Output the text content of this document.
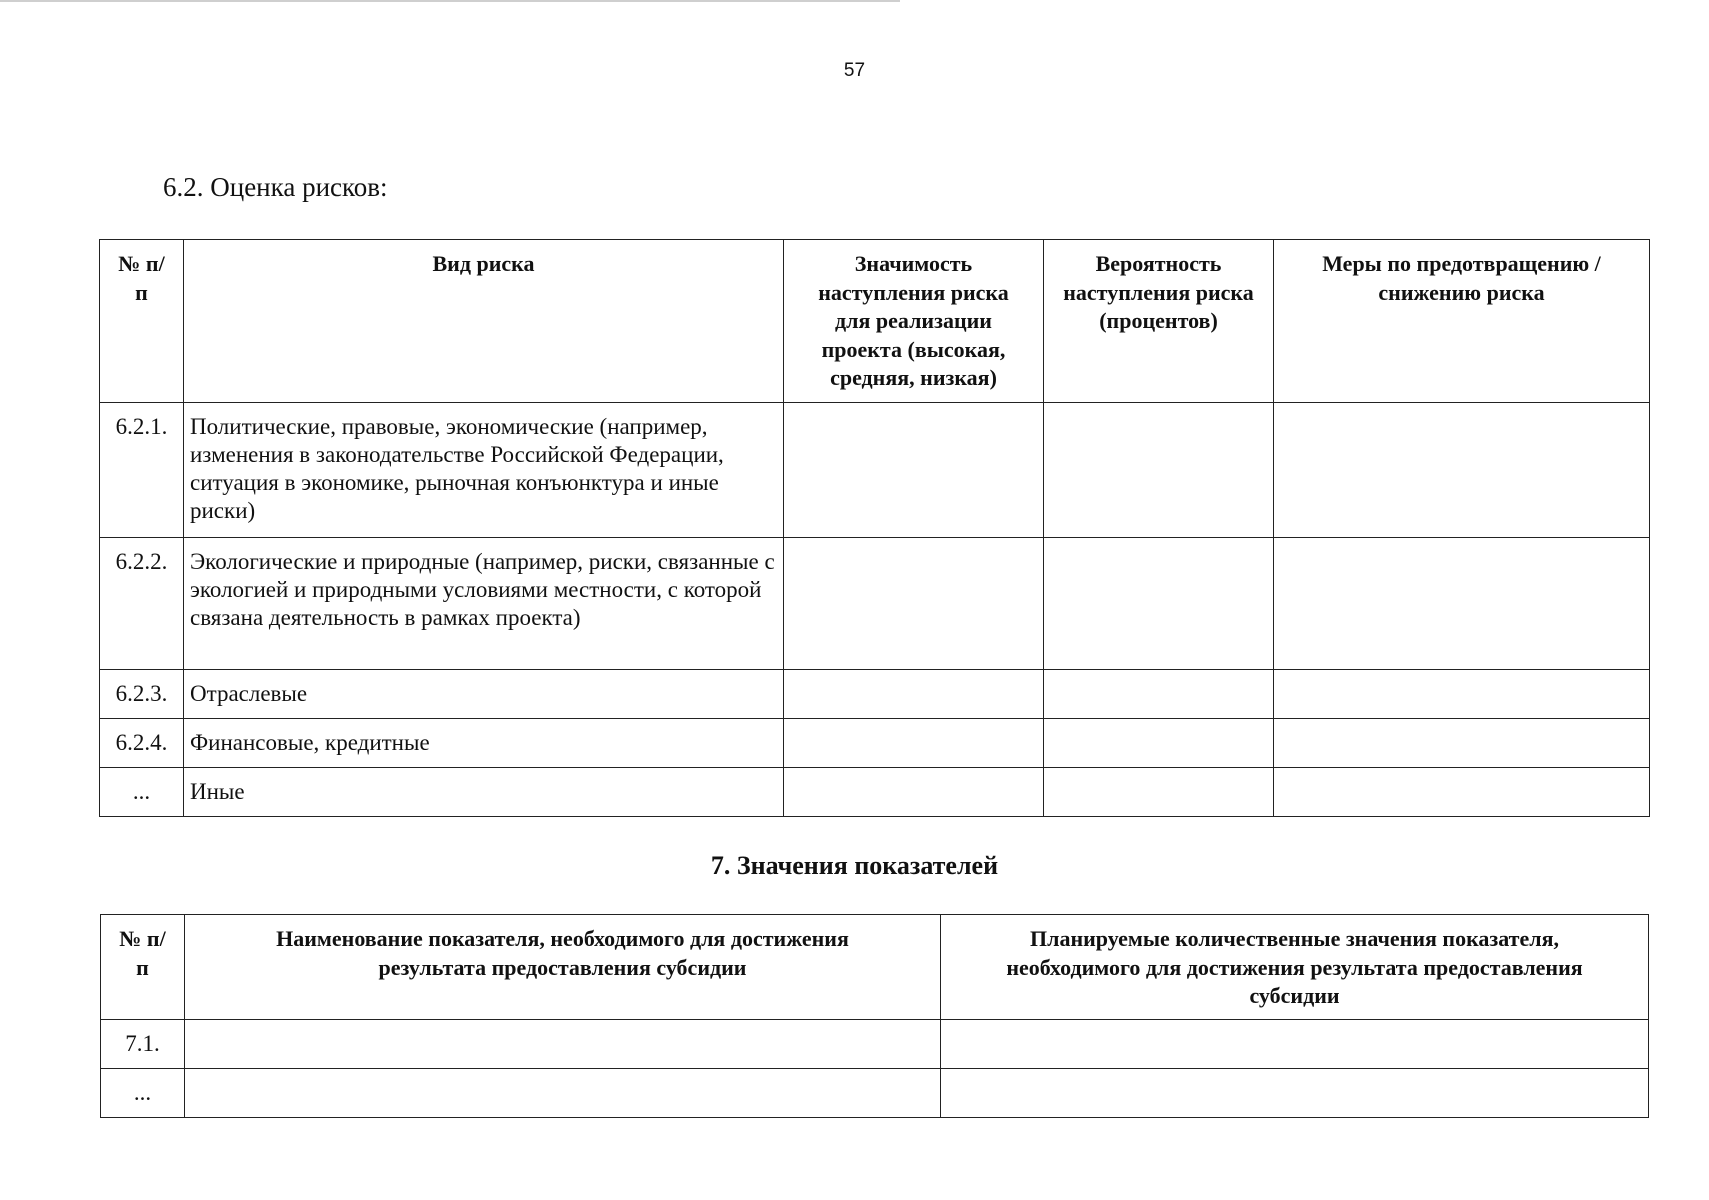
57
6.2. Оценка рисков:
№ п/п	Вид риска	Значимость наступления риска для реализации проекта (высокая, средняя, низкая)	Вероятность наступления риска (процентов)	Меры по предотвращению / снижению риска
6.2.1.	Политические, правовые, экономические (например, изменения в законодательстве Российской Федерации, ситуация в экономике, рыночная конъюнктура и иные риски)			
6.2.2.	Экологические и природные (например, риски, связанные с экологией и природными условиями местности, с которой связана деятельность в рамках проекта)			
6.2.3.	Отраслевые			
6.2.4.	Финансовые, кредитные			
...	Иные			
7. Значения показателей
№ п/п	Наименование показателя, необходимого для достижения результата предоставления субсидии	Планируемые количественные значения показателя, необходимого для достижения результата предоставления субсидии
7.1.		
...		
